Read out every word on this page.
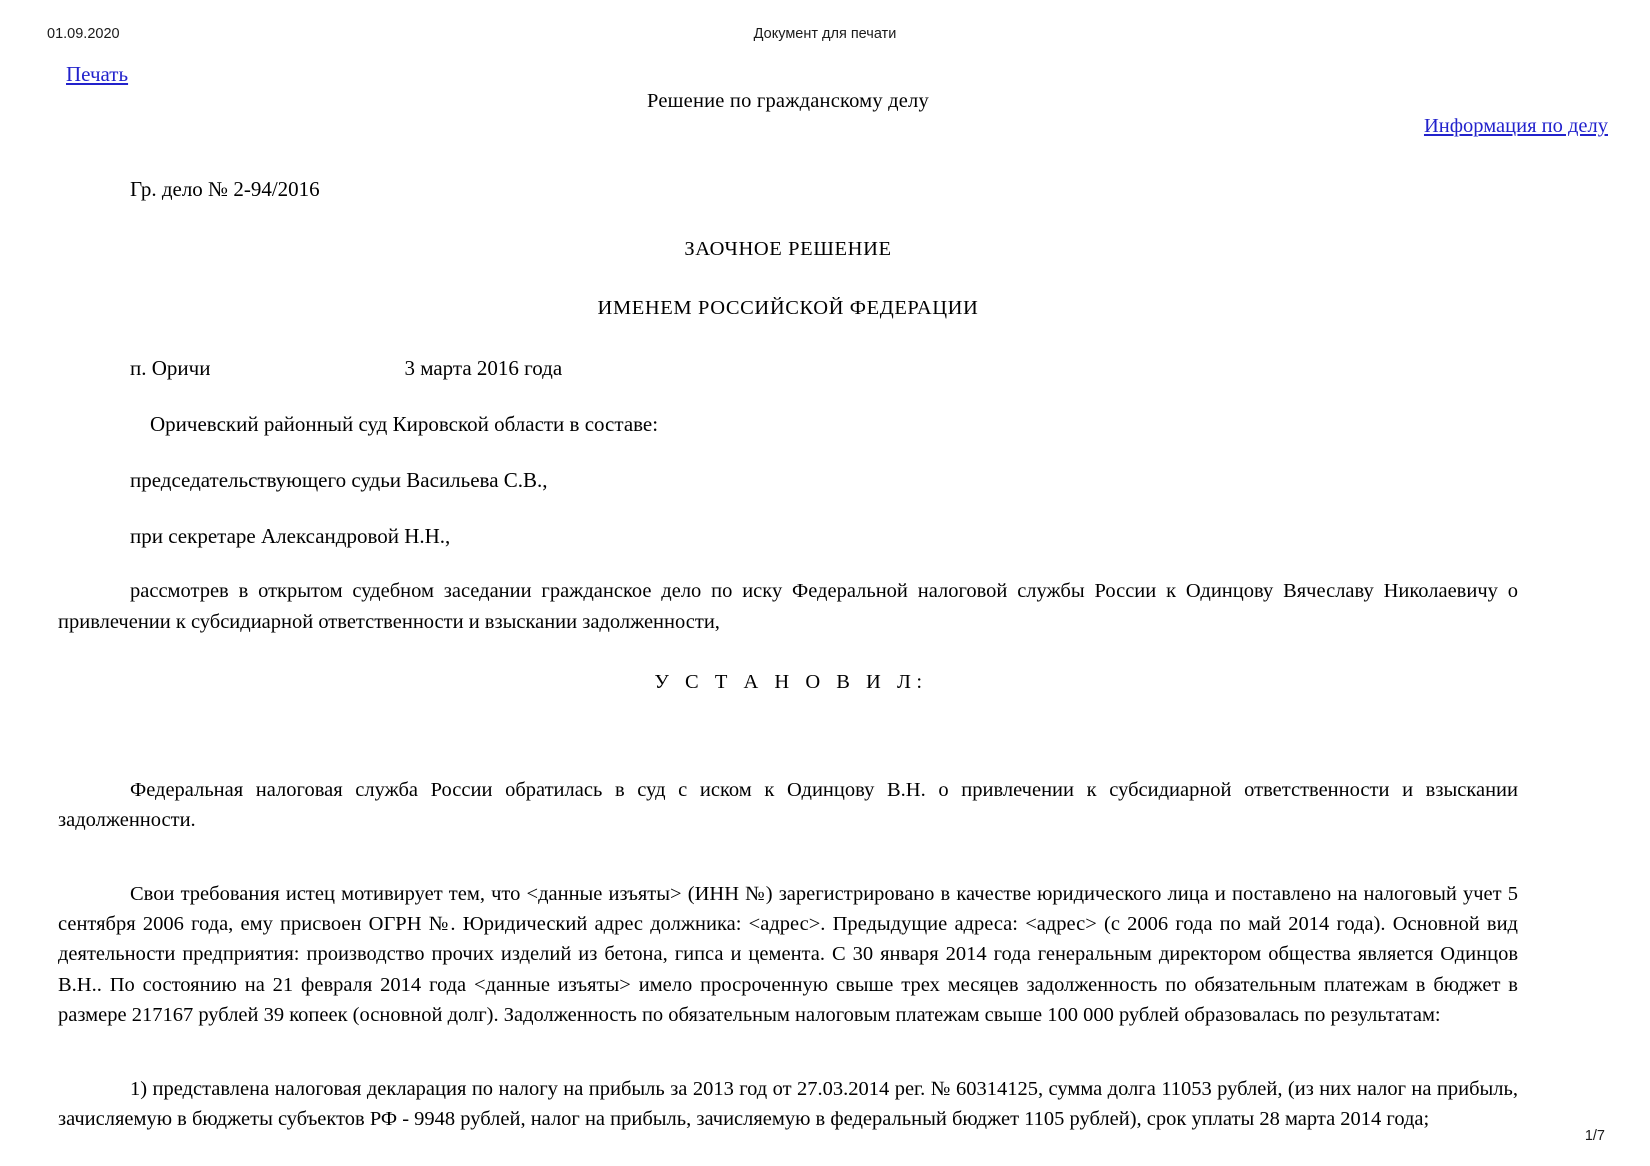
01.09.2020	Документ для печати
Печать
Информация по делу
Решение по гражданскому делу
Гр. дело № 2-94/2016
ЗАОЧНОЕ РЕШЕНИЕ
ИМЕНЕМ РОССИЙСКОЙ ФЕДЕРАЦИИ
п. Оричи	3 марта 2016 года
Оричевский районный суд Кировской области в составе:
председательствующего судьи Васильева С.В.,
при секретаре Александровой Н.Н.,

рассмотрев в открытом судебном заседании гражданское дело по иску Федеральной налоговой службы России к Одинцову Вячеславу Николаевичу о привлечении к субсидиарной ответственности и взыскании задолженности,

У С Т А Н О В И Л:

Федеральная налоговая служба России обратилась в суд с иском к Одинцову В.Н. о привлечении к субсидиарной ответственности и взыскании задолженности.

Свои требования истец мотивирует тем, что <данные изъяты> (ИНН №) зарегистрировано в качестве юридического лица и поставлено на налоговый учет 5 сентября 2006 года, ему присвоен ОГРН №. Юридический адрес должника: <адрес>. Предыдущие адреса: <адрес> (с 2006 года по май 2014 года). Основной вид деятельности предприятия: производство прочих изделий из бетона, гипса и цемента. С 30 января 2014 года генеральным директором общества является Одинцов В.Н.. По состоянию на 21 февраля 2014 года <данные изъяты> имело просроченную свыше трех месяцев задолженность по обязательным платежам в бюджет в размере 217167 рублей 39 копеек (основной долг). Задолженность по обязательным налоговым платежам свыше 100 000 рублей образовалась по результатам:

1) представлена налоговая декларация по налогу на прибыль за 2013 год от 27.03.2014 рег. № 60314125, сумма долга 11053 рублей, (из них налог на прибыль, зачисляемую в бюджеты субъектов РФ - 9948 рублей, налог на прибыль, зачисляемую в федеральный бюджет 1105 рублей), срок уплаты 28 марта 2014 года;

1/7
